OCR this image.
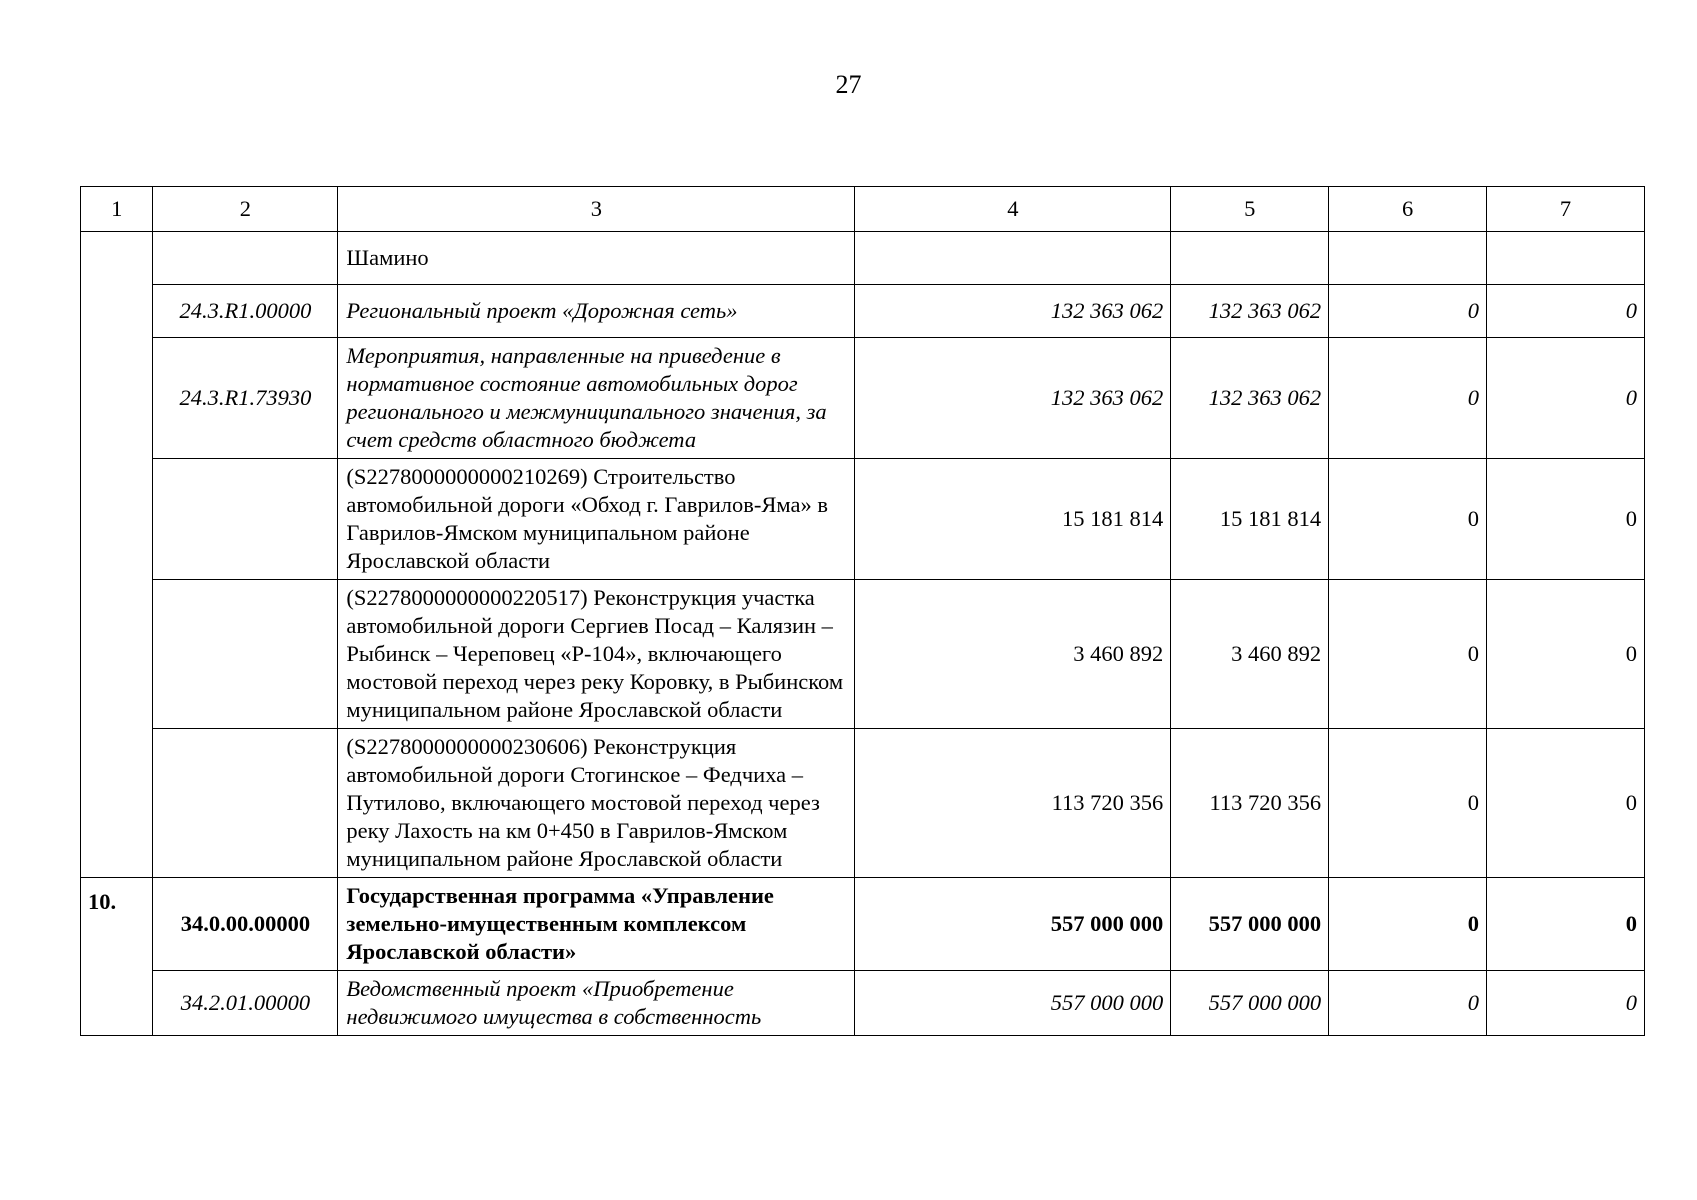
27
1	2	3	4	5	6	7
		Шамино				
	24.3.R1.00000	Региональный проект «Дорожная сеть»	132 363 062	132 363 062	0	0
	24.3.R1.73930	Мероприятия, направленные на приведение в нормативное состояние автомобильных дорог регионального и межмуниципального значения, за счет средств областного бюджета	132 363 062	132 363 062	0	0
		(S2278000000000210269) Строительство автомобильной дороги «Обход г. Гаврилов-Яма» в Гаврилов-Ямском муниципальном районе Ярославской области	15 181 814	15 181 814	0	0
		(S2278000000000220517) Реконструкция участка автомобильной дороги Сергиев Посад – Калязин – Рыбинск – Череповец «Р-104», включающего мостовой переход через реку Коровку, в Рыбинском муниципальном районе Ярославской области	3 460 892	3 460 892	0	0
		(S2278000000000230606) Реконструкция автомобильной дороги Стогинское – Федчиха – Путилово, включающего мостовой переход через реку Лахость на км 0+450 в Гаврилов-Ямском муниципальном районе Ярославской области	113 720 356	113 720 356	0	0
10.	34.0.00.00000	Государственная программа «Управление земельно-имущественным комплексом Ярославской области»	557 000 000	557 000 000	0	0
	34.2.01.00000	Ведомственный проект «Приобретение недвижимого имущества в собственность	557 000 000	557 000 000	0	0
